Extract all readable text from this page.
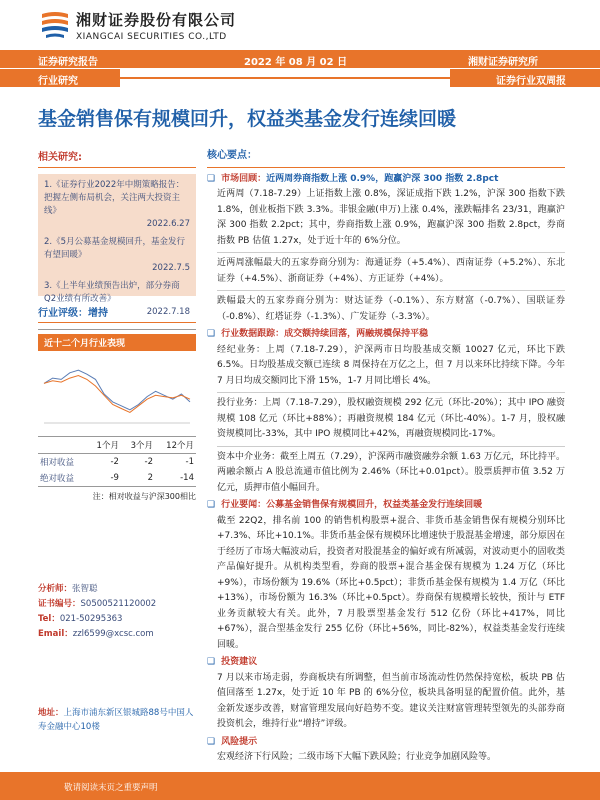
湘财证券股份有限公司
XIANGCAI SECURITIES CO.,LTD
证券研究报告	2022 年 08 月 02 日	湘财证券研究所
行业研究	证券行业双周报
基金销售保有规模回升，权益类基金发行连续回暖
相关研究:
1.《证券行业2022年中期策略报告：把握左侧布局机会，关注两大投资主线》
2022.6.27
2.《5月公募基金规模回升，基金发行有望回暖》
2022.7.5
3.《上半年业绩预告出炉，部分券商Q2业绩有所改善》
2022.7.18
行业评级：增持
近十二个月行业表现
	1个月	3个月	12个月
相对收益	-2	-2	-1
绝对收益	-9	2	-14
注：相对收益与沪深300相比
分析师：张智聪
证书编号：S0500521120002
Tel：021-50295363
Email：zzl6599@xcsc.com
地址：上海市浦东新区银城路88号中国人寿金融中心10楼
核心要点：
❑ 市场回顾： 近两周券商指数上涨 0.9%，跑赢沪深 300 指数 2.8pct

近两周（7.18-7.29）上证指数上涨 0.8%，深证成指下跌 1.2%，沪深 300 指数下跌 1.8%，创业板指下跌 3.3%。非银金融(申万)上涨 0.4%，涨跌幅排名 23/31，跑赢沪深 300 指数 2.2pct；其中，券商指数上涨 0.9%，跑赢沪深 300 指数 2.8pct，券商指数 PB 估值 1.27x，处于近十年的 6%分位。

近两周涨幅最大的五家券商分别为：海通证券（+5.4%）、西南证券（+5.2%）、东北证券（+4.5%）、浙商证券（+4%）、方正证券（+4%）。

跌幅最大的五家券商分别为：财达证券（-0.1%）、东方财富（-0.7%）、国联证券（-0.8%）、红塔证券（-1.3%）、广发证券（-3.3%）。

❑ 行业数据跟踪：成交额持续回落，两融规模保持平稳

经纪业务：上周（7.18-7.29），沪深两市日均股基成交额 10027 亿元，环比下跌 6.5%。日均股基成交额已连续 8 周保持在万亿之上，但 7 月以来环比持续下降。今年 7 月日均成交额同比下滑 15%，1-7 月同比增长 4%。

投行业务：上周（7.18-7.29），股权融资规模 292 亿元（环比-20%）；其中 IPO 融资规模 108 亿元（环比+88%）；再融资规模 184 亿元（环比-40%）。1-7 月，股权融资规模同比-33%，其中 IPO 规模同比+42%，再融资规模同比-17%。

资本中介业务：截至上周五（7.29），沪深两市融资融券余额 1.63 万亿元，环比持平。两融余额占 A 股总流通市值比例为 2.46%（环比+0.01pct）。股票质押市值 3.52 万亿元，质押市值小幅回升。

❑ 行业要闻：公募基金销售保有规模回升，权益类基金发行连续回暖

截至 22Q2，排名前 100 的销售机构股票+混合、非货币基金销售保有规模分别环比+7.3%、环比+10.1%。非货币基金保有规模环比增速快于股混基金增速，部分原因在于经历了市场大幅波动后，投资者对股混基金的偏好或有所减弱，对波动更小的固收类产品偏好提升。从机构类型看，券商的股票+混合基金保有规模为 1.24 万亿（环比+9%），市场份额为 19.6%（环比+0.5pct）；非货币基金保有规模为 1.4 万亿（环比+13%），市场份额为 16.3%（环比+0.5pct）。券商保有规模增长较快，预计与 ETF 业务贡献较大有关。此外，7 月股票型基金发行 512 亿份（环比+417%，同比+67%），混合型基金发行 255 亿份（环比+56%，同比-82%），权益类基金发行连续回暖。

❑ 投资建议

7 月以来市场走弱，券商板块有所调整，但当前市场流动性仍然保持宽松，板块 PB 估值回落至 1.27x，处于近 10 年 PB 的 6%分位，板块具备明显的配置价值。此外，基金新发逐步改善，财富管理发展向好趋势不变。建议关注财富管理转型领先的头部券商投资机会，维持行业“增持”评级。

❑ 风险提示

宏观经济下行风险；二级市场下大幅下跌风险；行业竞争加剧风险等。

敬请阅读末页之重要声明
